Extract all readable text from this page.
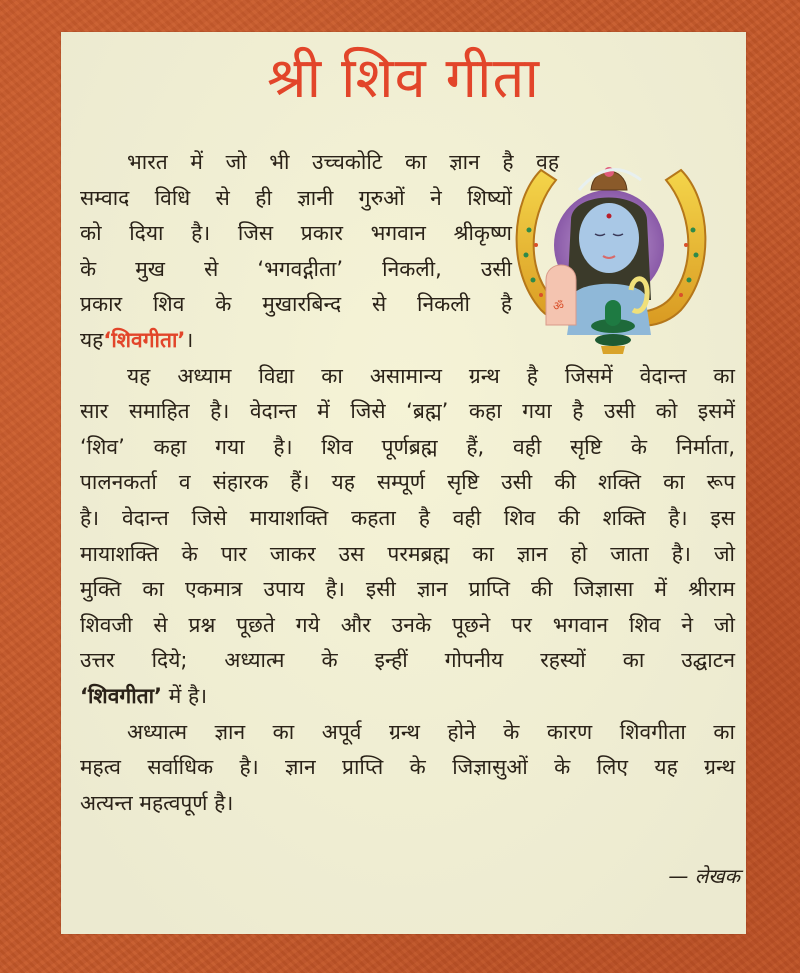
श्री शिव गीता
ॐ
भारत में जो भी उच्चकोटि का ज्ञान है वह
सम्वाद विधि से ही ज्ञानी गुरुओं ने शिष्यों
को दिया है। जिस प्रकार भगवान श्रीकृष्ण
के मुख से ‘भगवद्गीता’ निकली, उसी
प्रकार शिव के मुखारबिन्द से निकली है
यह‘शिवगीता’।
यह अध्याम विद्या का असामान्य ग्रन्थ है जिसमें वेदान्त का
सार समाहित है। वेदान्त में जिसे ‘ब्रह्म’ कहा गया है उसी को इसमें
‘शिव’ कहा गया है। शिव पूर्णब्रह्म हैं, वही सृष्टि के निर्माता,
पालनकर्ता व संहारक हैं। यह सम्पूर्ण सृष्टि उसी की शक्ति का रूप
है। वेदान्त जिसे मायाशक्ति कहता है वही शिव की शक्ति है। इस
मायाशक्ति के पार जाकर उस परमब्रह्म का ज्ञान हो जाता है। जो
मुक्ति का एकमात्र उपाय है। इसी ज्ञान प्राप्ति की जिज्ञासा में श्रीराम
शिवजी से प्रश्न पूछते गये और उनके पूछने पर भगवान शिव ने जो
उत्तर दिये; अध्यात्म के इन्हीं गोपनीय रहस्यों का उद्घाटन
‘शिवगीता’ में है।
अध्यात्म ज्ञान का अपूर्व ग्रन्थ होने के कारण शिवगीता का
महत्व सर्वाधिक है। ज्ञान प्राप्ति के जिज्ञासुओं के लिए यह ग्रन्थ
अत्यन्त महत्वपूर्ण है।
— लेखक
